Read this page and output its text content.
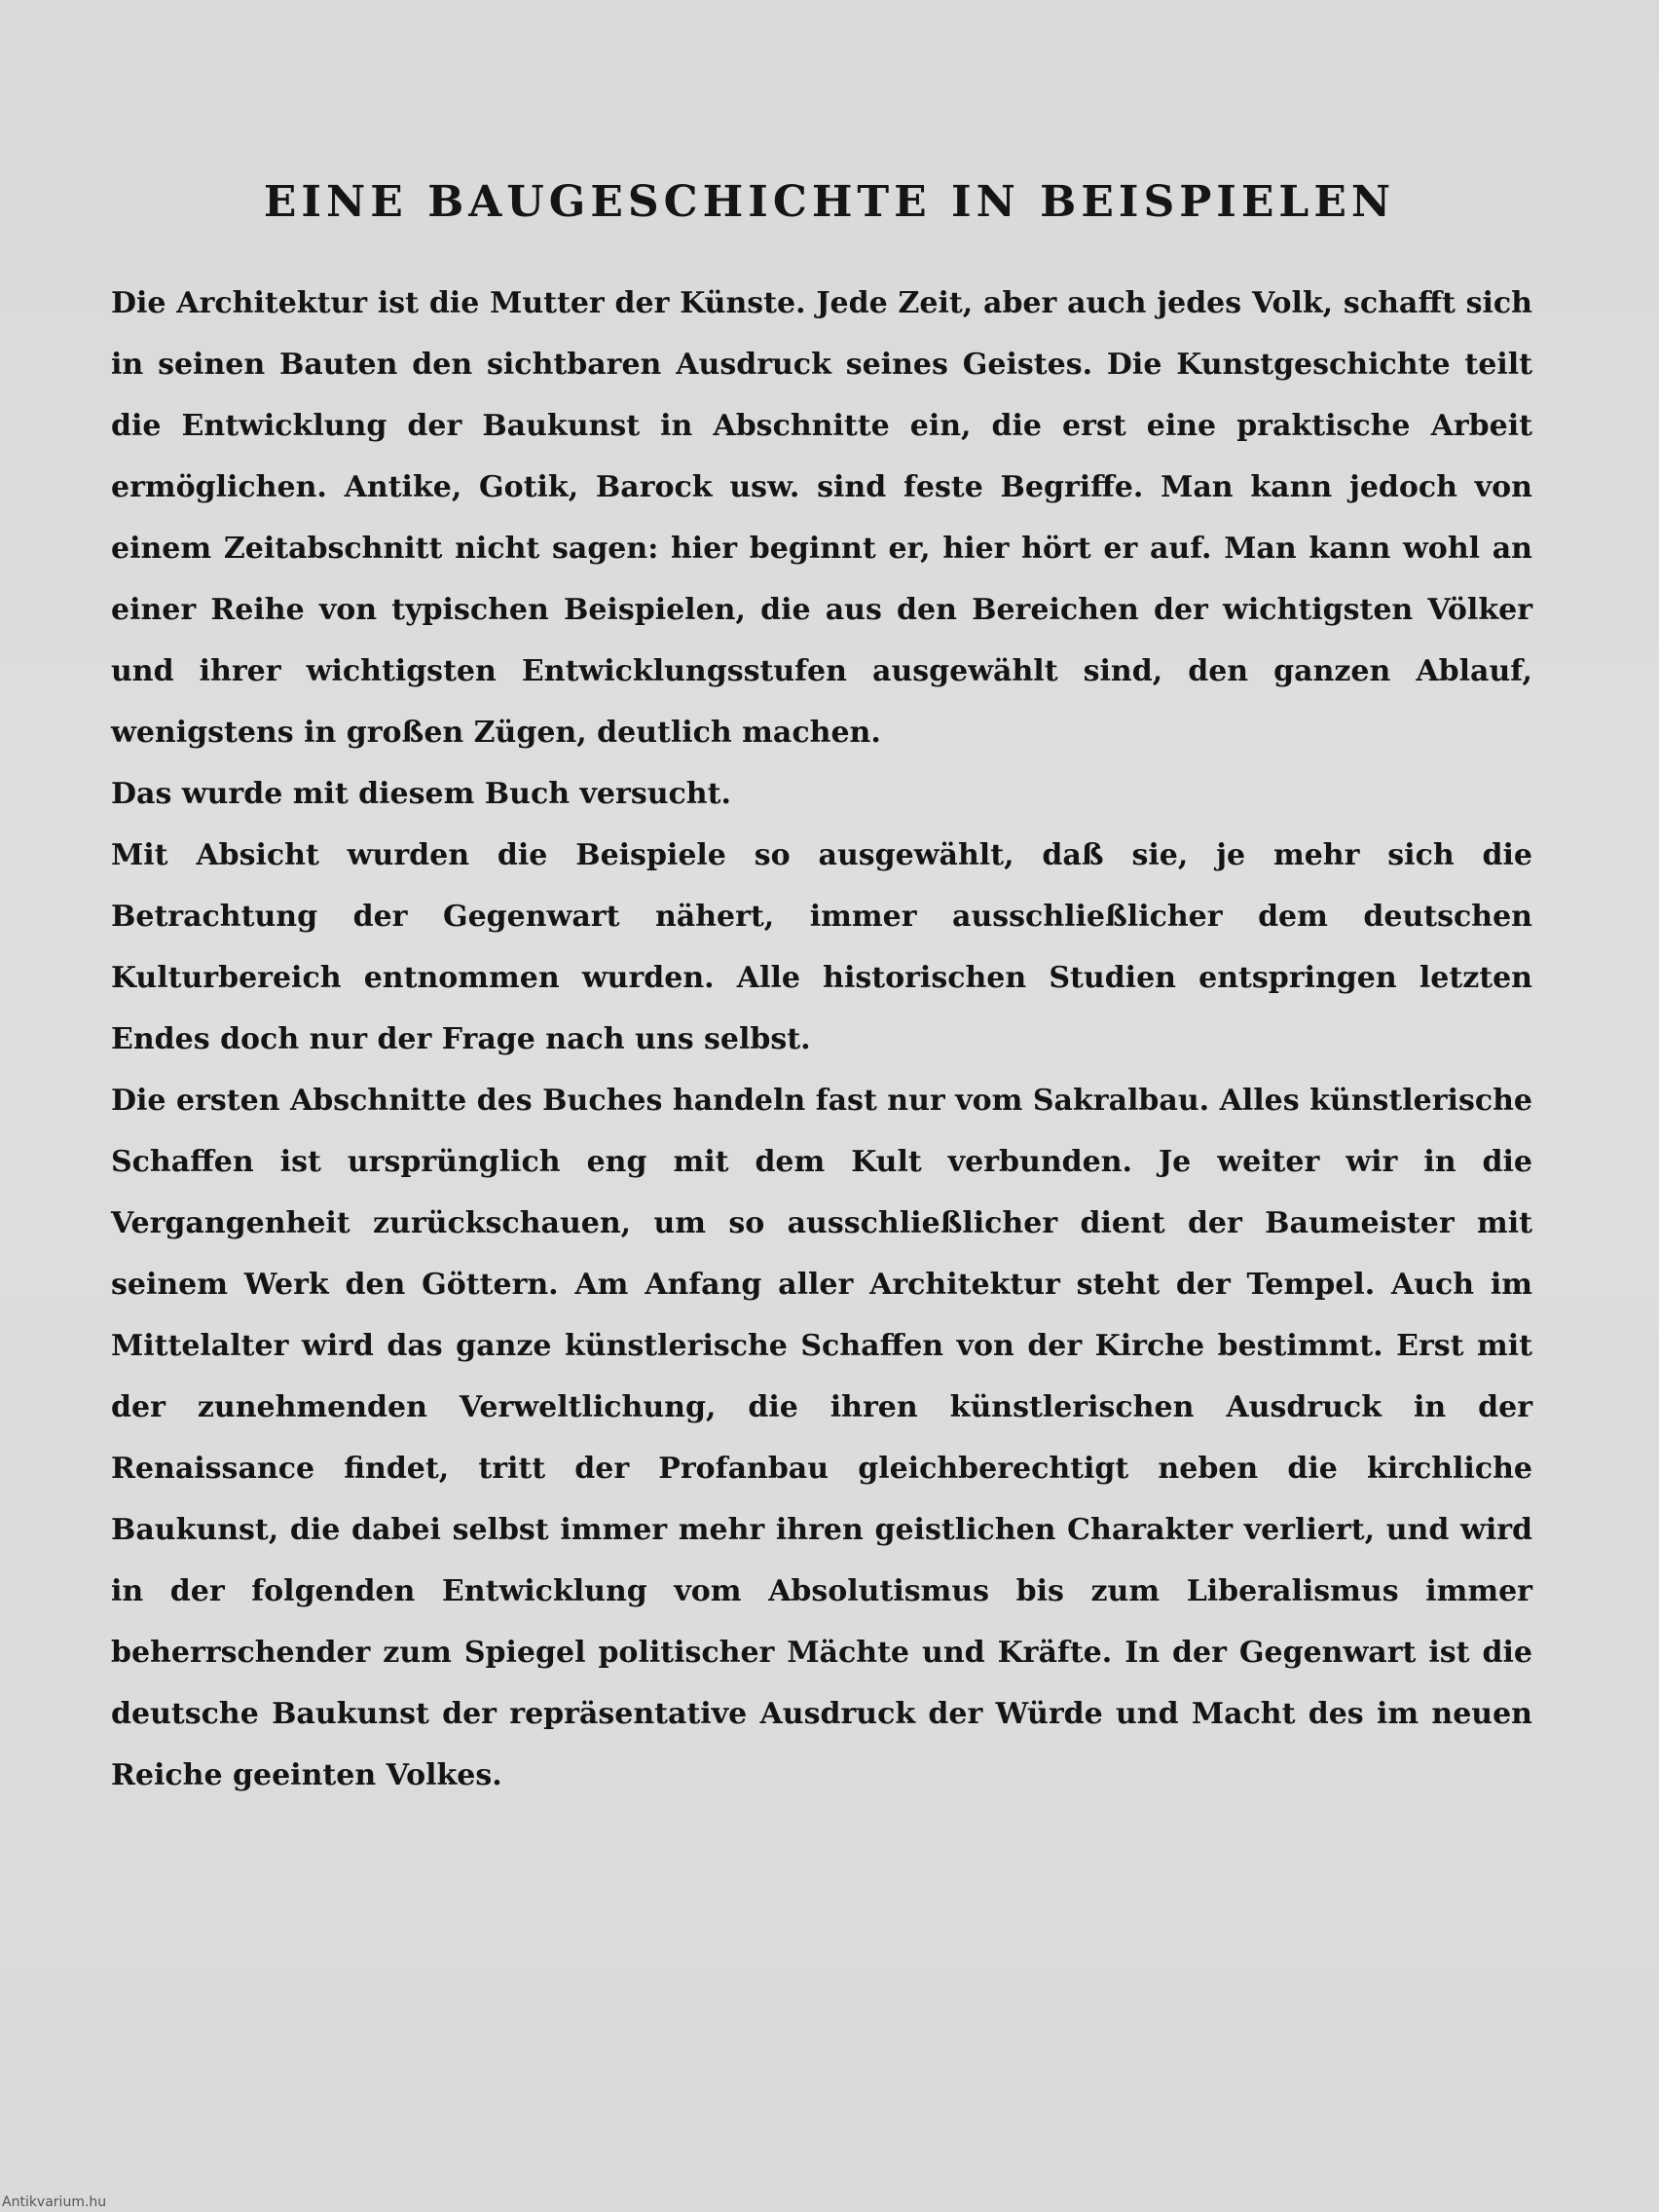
EINE BAUGESCHICHTE IN BEISPIELEN

Die Architektur ist die Mutter der Künste. Jede Zeit, aber auch jedes Volk, schafft sich in seinen Bauten den sichtbaren Ausdruck seines Geistes. Die Kunstgeschichte teilt die Entwicklung der Baukunst in Abschnitte ein, die erst eine praktische Arbeit ermöglichen. Antike, Gotik, Barock usw. sind feste Begriffe. Man kann jedoch von einem Zeitabschnitt nicht sagen: hier beginnt er, hier hört er auf. Man kann wohl an einer Reihe von typischen Beispielen, die aus den Bereichen der wichtigsten Völker und ihrer wichtigsten Entwicklungsstufen ausgewählt sind, den ganzen Ablauf, wenigstens in großen Zügen, deutlich machen.

Das wurde mit diesem Buch versucht.

Mit Absicht wurden die Beispiele so ausgewählt, daß sie, je mehr sich die Betrachtung der Gegenwart nähert, immer ausschließlicher dem deutschen Kulturbereich entnommen wurden. Alle historischen Studien entspringen letzten Endes doch nur der Frage nach uns selbst.

Die ersten Abschnitte des Buches handeln fast nur vom Sakralbau. Alles künstlerische Schaffen ist ursprünglich eng mit dem Kult verbunden. Je weiter wir in die Vergangenheit zurückschauen, um so ausschließlicher dient der Baumeister mit seinem Werk den Göttern. Am Anfang aller Architektur steht der Tempel. Auch im Mittelalter wird das ganze künstlerische Schaffen von der Kirche bestimmt. Erst mit der zunehmenden Verweltlichung, die ihren künstlerischen Ausdruck in der Renaissance findet, tritt der Profanbau gleichberechtigt neben die kirchliche Baukunst, die dabei selbst immer mehr ihren geistlichen Charakter verliert, und wird in der folgenden Entwicklung vom Absolutismus bis zum Liberalismus immer beherrschender zum Spiegel politischer Mächte und Kräfte. In der Gegenwart ist die deutsche Baukunst der repräsentative Ausdruck der Würde und Macht des im neuen Reiche geeinten Volkes.

Antikvarium.hu
